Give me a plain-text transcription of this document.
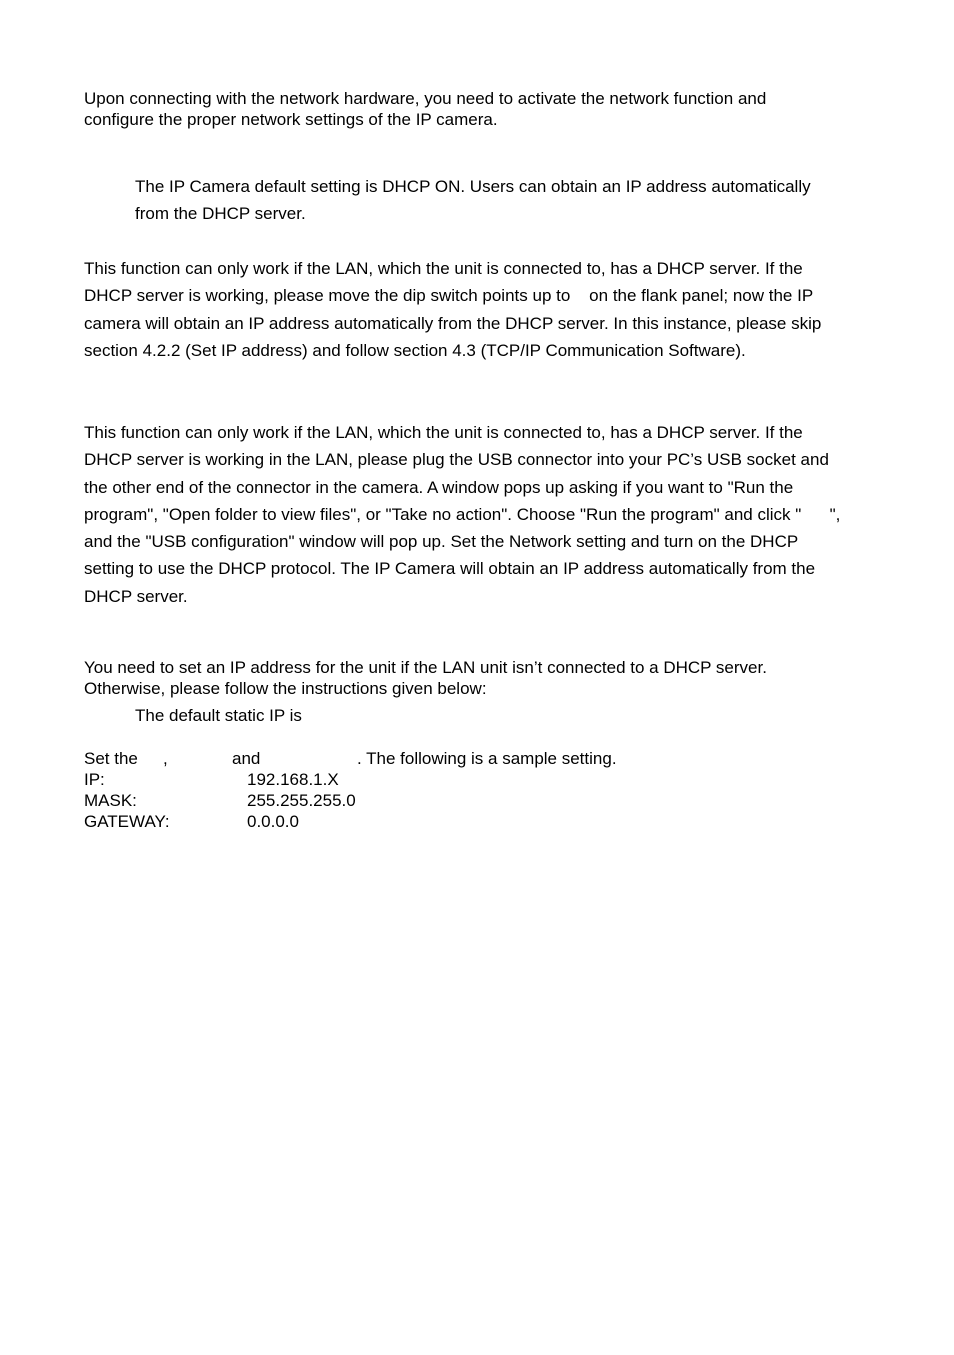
Upon connecting with the network hardware, you need to activate the network function and
configure the proper network settings of the IP camera.
The IP Camera default setting is DHCP ON. Users can obtain an IP address automatically
from the DHCP server.
This function can only work if the LAN, which the unit is connected to, has a DHCP server. If the
DHCP server is working, please move the dip switch points up to    on the flank panel; now the IP
camera will obtain an IP address automatically from the DHCP server. In this instance, please skip
section 4.2.2 (Set IP address) and follow section 4.3 (TCP/IP Communication Software).
This function can only work if the LAN, which the unit is connected to, has a DHCP server. If the
DHCP server is working in the LAN, please plug the USB connector into your PC’s USB socket and
the other end of the connector in the camera. A window pops up asking if you want to "Run the
program", "Open folder to view files", or "Take no action". Choose "Run the program" and click "      ",
and the "USB configuration" window will pop up. Set the Network setting and turn on the DHCP
setting to use the DHCP protocol. The IP Camera will obtain an IP address automatically from the
DHCP server.
You need to set an IP address for the unit if the LAN unit isn’t connected to a DHCP server.
Otherwise, please follow the instructions given below:

The default static IP is

Set the ,	and	. The following is a sample setting.

IP:	192.168.1.X

MASK:	255.255.255.0

GATEWAY:	0.0.0.0
